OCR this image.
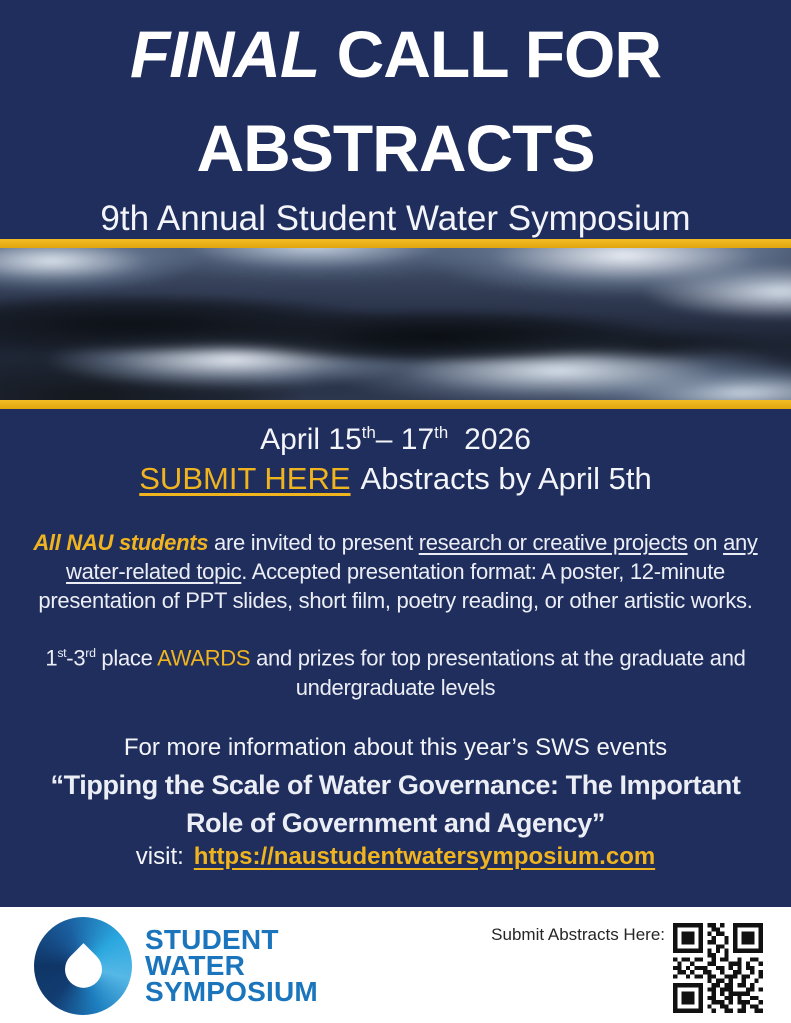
FINAL CALL FOR ABSTRACTS
9th Annual Student Water Symposium
April 15th– 17th 2026
SUBMIT HERE Abstracts by April 5th
All NAU students are invited to present research or creative projects on any
water-related topic. Accepted presentation format: A poster, 12-minute
presentation of PPT slides, short film, poetry reading, or other artistic works.
1st-3rd place AWARDS and prizes for top presentations at the graduate and
undergraduate levels
For more information about this year’s SWS events
“Tipping the Scale of Water Governance: The Important
Role of Government and Agency”
visit: https://naustudentwatersymposium.com
STUDENT
WATER
SYMPOSIUM
Submit Abstracts Here:
